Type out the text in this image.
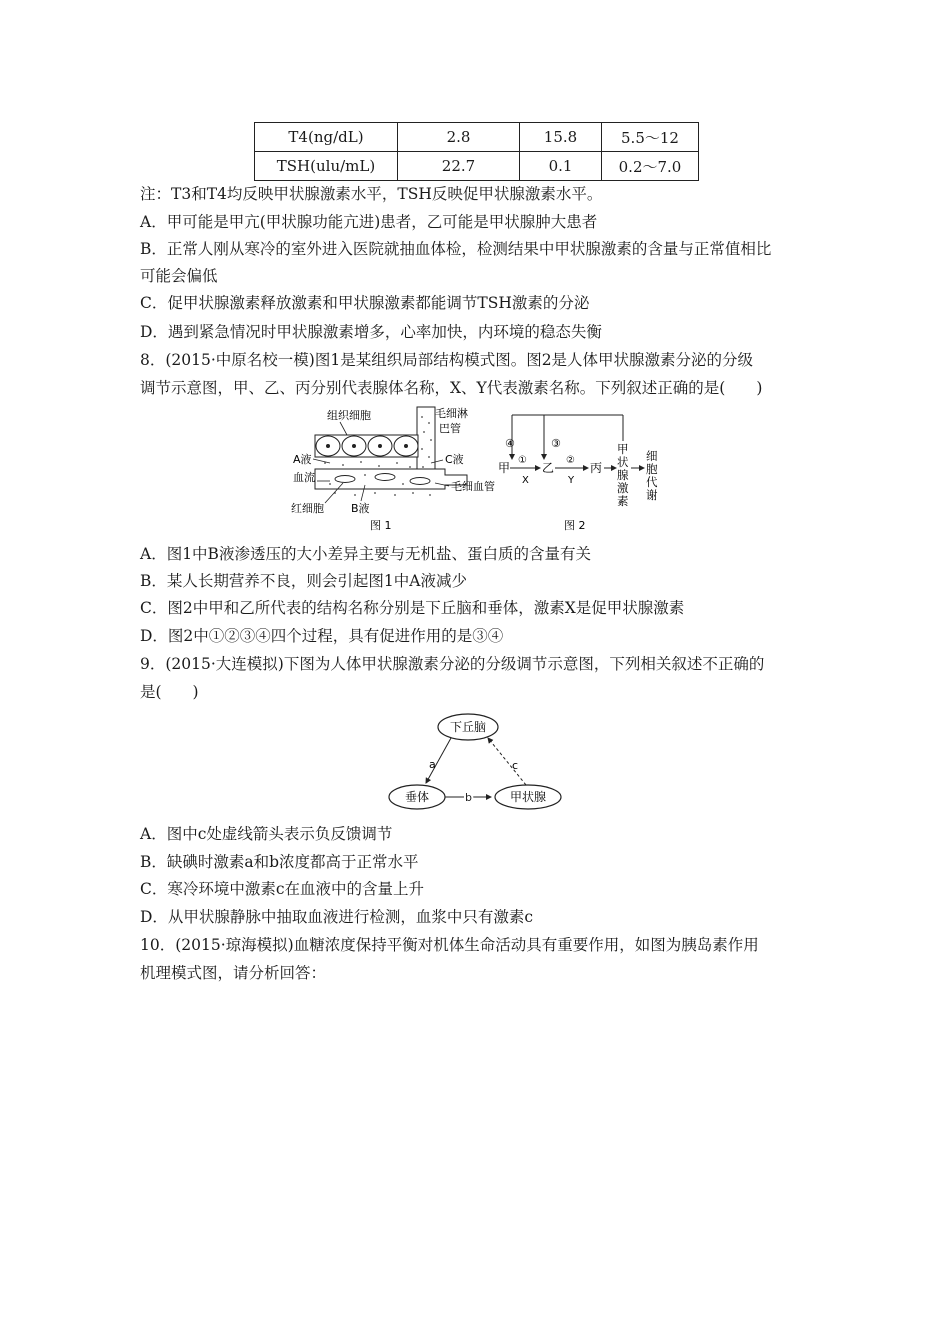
T4(ng/dL)	2.8	15.8	5.5～12
TSH(ulu/mL)	22.7	0.1	0.2～7.0
注：T3和T4均反映甲状腺激素水平，TSH反映促甲状腺激素水平。
A．甲可能是甲亢(甲状腺功能亢进)患者，乙可能是甲状腺肿大患者
B．正常人刚从寒冷的室外进入医院就抽血体检，检测结果中甲状腺激素的含量与正常值相比
可能会偏低
C．促甲状腺激素释放激素和甲状腺激素都能调节TSH激素的分泌
D．遇到紧急情况时甲状腺激素增多，心率加快，内环境的稳态失衡
8．(2015·中原名校一模)图1是某组织局部结构模式图。图2是人体甲状腺激素分泌的分级
调节示意图，甲、乙、丙分别代表腺体名称，X、Y代表激素名称。下列叙述正确的是(　　)
组织细胞	毛细淋
巴管
A液
血流
C液
毛细血管
红细胞 B液
图 1
④	③
甲
①
X
乙
②
Y
丙
甲
状
腺
激
素
细
胞
代
谢
图 2
A．图1中B液渗透压的大小差异主要与无机盐、蛋白质的含量有关
B．某人长期营养不良，则会引起图1中A液减少
C．图2中甲和乙所代表的结构名称分别是下丘脑和垂体，激素X是促甲状腺激素
D．图2中①②③④四个过程，具有促进作用的是③④
9．(2015·大连模拟)下图为人体甲状腺激素分泌的分级调节示意图，下列相关叙述不正确的
是(　　)
下丘脑
垂体	甲状腺
a
b
c
A．图中c处虚线箭头表示负反馈调节
B．缺碘时激素a和b浓度都高于正常水平
C．寒冷环境中激素c在血液中的含量上升
D．从甲状腺静脉中抽取血液进行检测，血浆中只有激素c
10．(2015·琼海模拟)血糖浓度保持平衡对机体生命活动具有重要作用，如图为胰岛素作用
机理模式图，请分析回答：
